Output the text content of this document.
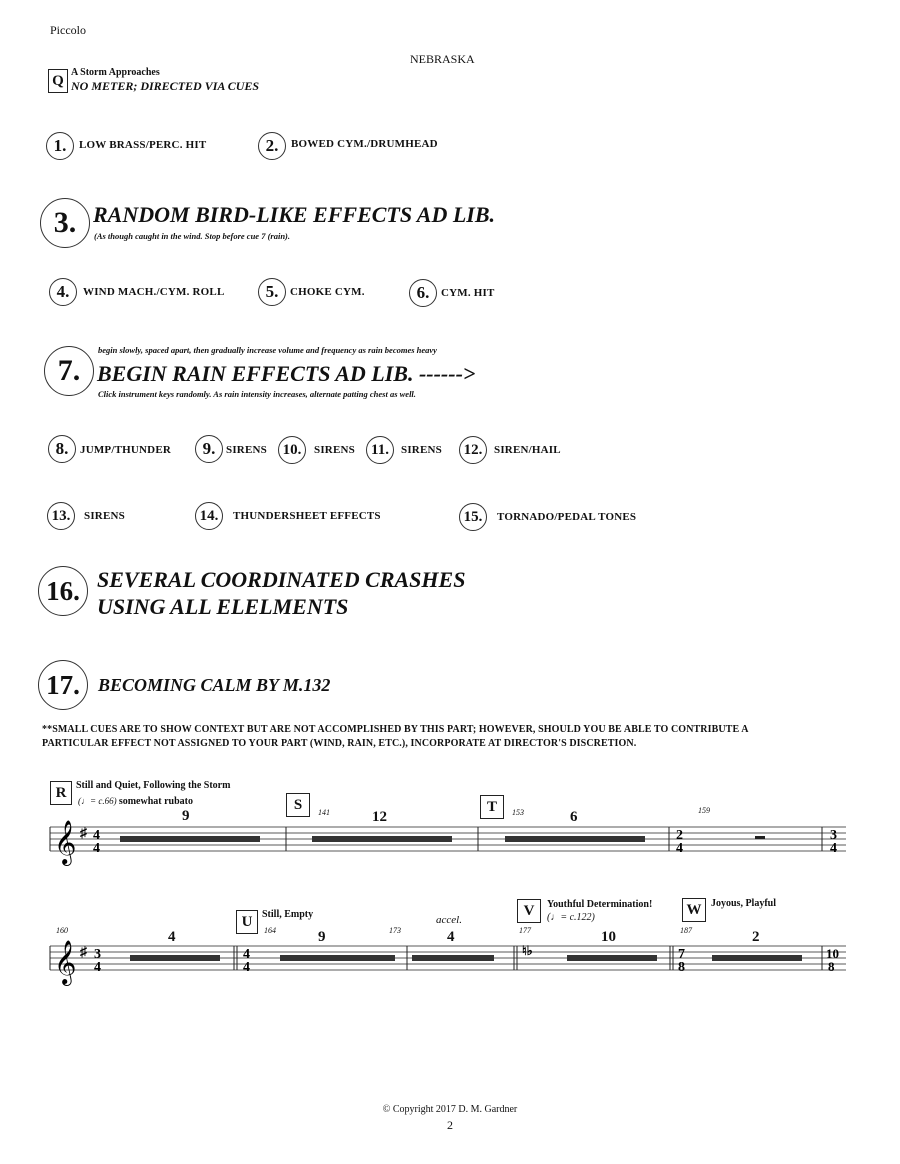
Piccolo
NEBRASKA
Q A Storm Approaches
NO METER; DIRECTED VIA CUES
1.	LOW BRASS/PERC. HIT	2.	BOWED CYM./DRUMHEAD
3. RANDOM BIRD-LIKE EFFECTS AD LIB.
(As though caught in the wind. Stop before cue 7 (rain).
4.	WIND MACH./CYM. ROLL	5.	CHOKE CYM.	6.	CYM. HIT
begin slowly, spaced apart, then gradually increase volume and frequency as rain becomes heavy
7. BEGIN RAIN EFFECTS AD LIB. ------>
Click instrument keys randomly. As rain intensity increases, alternate patting chest as well.
8.	JUMP/THUNDER	9. SIRENS	10.	SIRENS	11.	SIRENS	12.	SIREN/HAIL
13.	SIRENS	14.	THUNDERSHEET EFFECTS	15.	TORNADO/PEDAL TONES
16. SEVERAL COORDINATED CRASHES
USING ALL ELELMENTS
17.	BECOMING CALM BY M.132
**SMALL CUES ARE TO SHOW CONTEXT BUT ARE NOT ACCOMPLISHED BY THIS PART; HOWEVER, SHOULD YOU BE ABLE TO CONTRIBUTE A
PARTICULAR EFFECT NOT ASSIGNED TO YOUR PART (WIND, RAIN, ETC.), INCORPORATE AT DIRECTOR'S DISCRETION.
R Still and Quiet, Following the Storm
(♩= c.66) somewhat rubato	S	T
141	153	159
9	12	6
𝄞 ♯ 4
4
2
4
3
4
𝄞 ♯ 3
4
4
4
♮♭	7
8
10
8
160
U Still, Empty
164	173
accel.
V	Youthful Determination!
(♩= c.122)
177
W Joyous, Playful
187
4	9	4	10	2
© Copyright 2017 D. M. Gardner
2
